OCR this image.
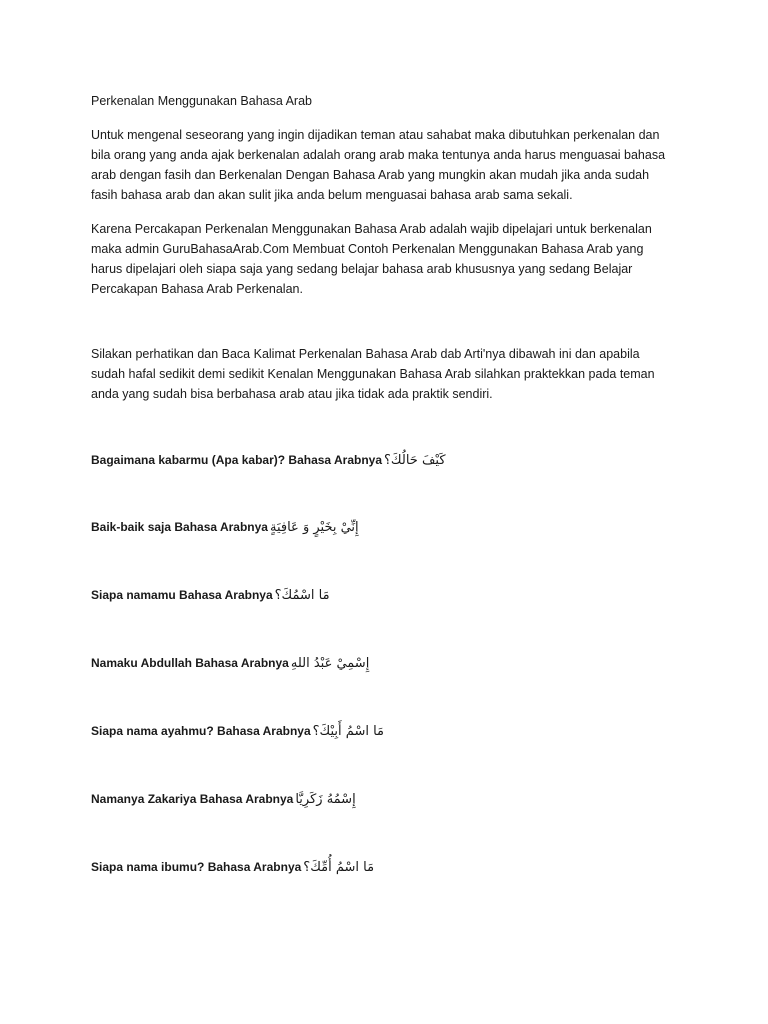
Perkenalan Menggunakan Bahasa Arab

Untuk mengenal seseorang yang ingin dijadikan teman atau sahabat maka dibutuhkan perkenalan dan bila orang yang anda ajak berkenalan adalah orang arab maka tentunya anda harus menguasai bahasa arab dengan fasih dan Berkenalan Dengan Bahasa Arab yang mungkin akan mudah jika anda sudah fasih bahasa arab dan akan sulit jika anda belum menguasai bahasa arab sama sekali.

Karena Percakapan Perkenalan Menggunakan Bahasa Arab adalah wajib dipelajari untuk berkenalan maka admin GuruBahasaArab.Com Membuat Contoh Perkenalan Menggunakan Bahasa Arab yang harus dipelajari oleh siapa saja yang sedang belajar bahasa arab khususnya yang sedang Belajar Percakapan Bahasa Arab Perkenalan.

Silakan perhatikan dan Baca Kalimat Perkenalan Bahasa Arab dab Arti'nya dibawah ini dan apabila sudah hafal sedikit demi sedikit Kenalan Menggunakan Bahasa Arab silahkan praktekkan pada teman anda yang sudah bisa berbahasa arab atau jika tidak ada praktik sendiri.

Bagaimana kabarmu (Apa kabar)? Bahasa Arabnya كَيْفَ حَالُكَ؟

Baik-baik saja Bahasa Arabnya إِنِّيْ بِخَيْرٍ وَ عَافِيَةٍ

Siapa namamu Bahasa Arabnya مَا اسْمُكَ؟

Namaku Abdullah Bahasa Arabnya إِسْمِيْ عَبْدُ اللهِ

Siapa nama ayahmu? Bahasa Arabnya مَا اسْمُ أَبِيْكَ؟

Namanya Zakariya Bahasa Arabnya إِسْمُهُ زَكَرِيَّا

Siapa nama ibumu? Bahasa Arabnya مَا اسْمُ أُمِّكَ؟
